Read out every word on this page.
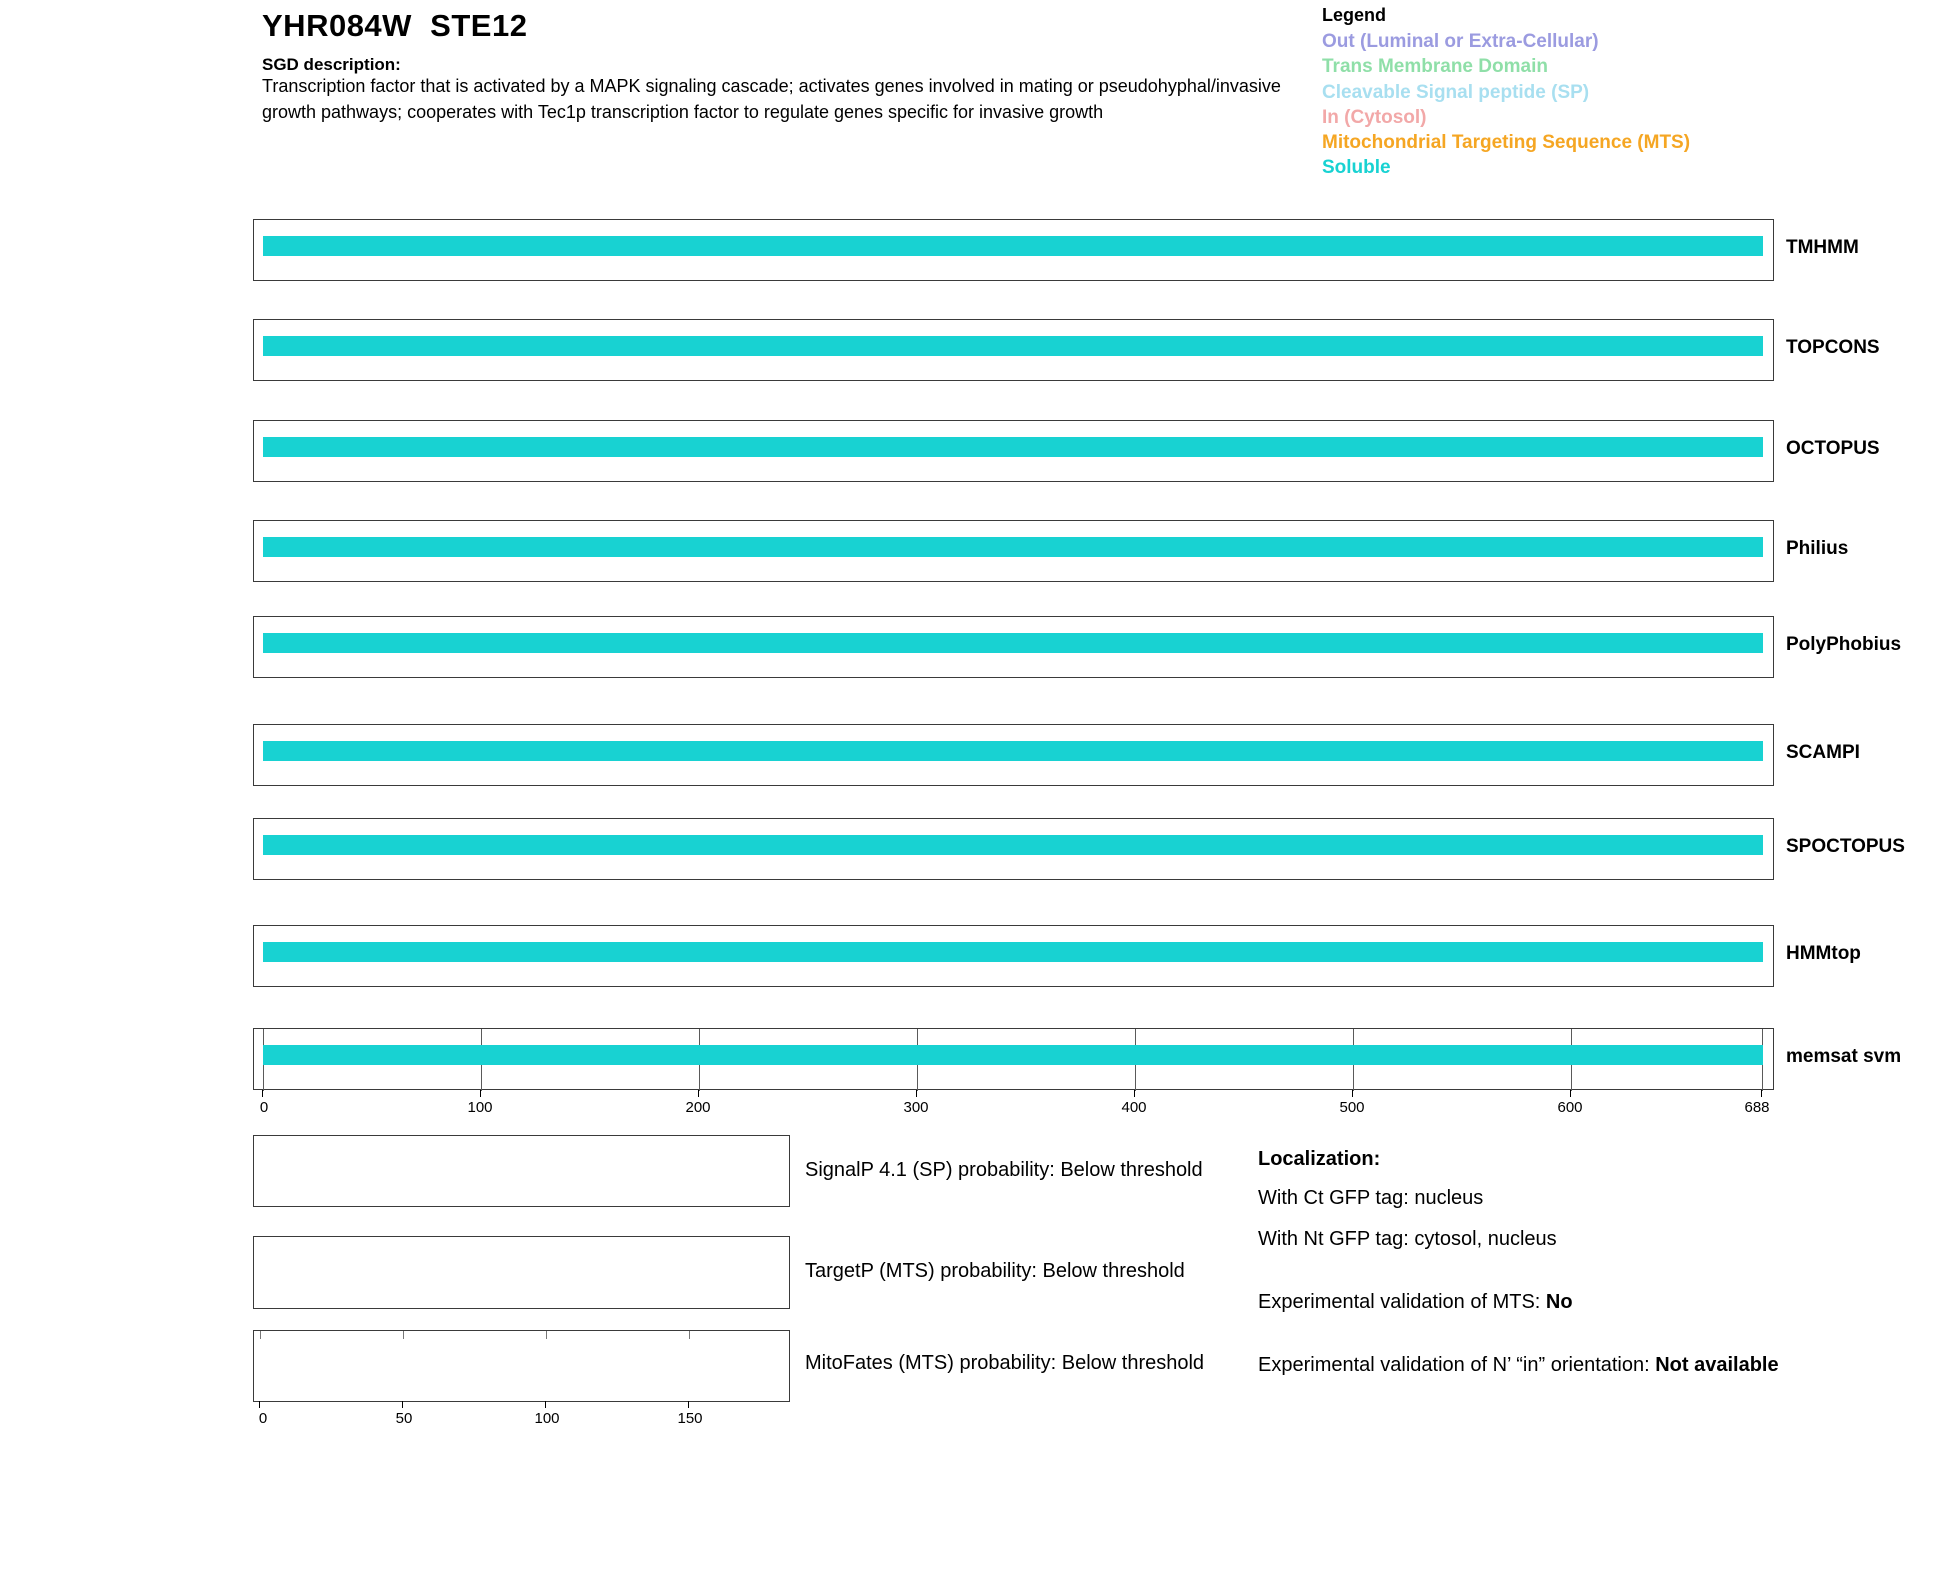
YHR084W  STE12
SGD description:
Transcription factor that is activated by a MAPK signaling cascade; activates genes involved in mating or pseudohyphal/invasive growth pathways; cooperates with Tec1p transcription factor to regulate genes specific for invasive growth
Legend
Out (Luminal or Extra-Cellular)
Trans Membrane Domain
Cleavable Signal peptide (SP)
In (Cytosol)
Mitochondrial Targeting Sequence (MTS)
Soluble
TMHMM
TOPCONS
OCTOPUS
Philius
PolyPhobius
SCAMPI
SPOCTOPUS
HMMtop
memsat svm
0	100	200	300	400	500	600	688
SignalP 4.1 (SP) probability: Below threshold
TargetP (MTS) probability: Below threshold
MitoFates (MTS) probability: Below threshold
0	50	100	150
Localization:
With Ct GFP tag: nucleus
With Nt GFP tag: cytosol, nucleus
Experimental validation of MTS: No
Experimental validation of N’ “in” orientation: Not available
